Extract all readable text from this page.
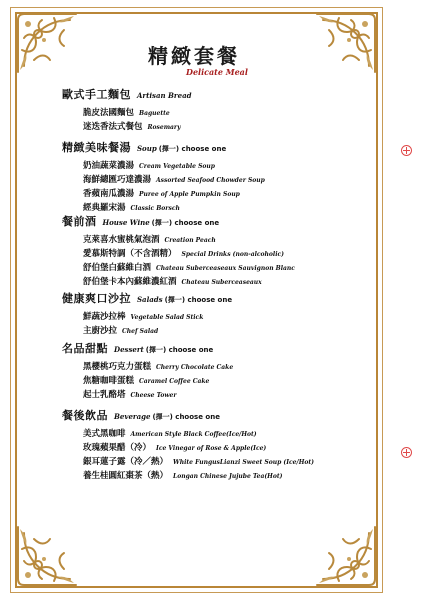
精緻套餐
Delicate Meal
歐式手工麵包 Artisan Bread
脆皮法國麵包 Baguette
迷迭香法式餐包 Rosemary
精緻美味餐湯 Soup (擇一) choose one
奶油蔬菜濃湯 Cream Vegetable Soup
海鮮總匯巧達濃湯 Assorted Seafood Chowder Soup
香蘋南瓜濃湯 Puree of Apple Pumpkin Soup
經典羅宋湯 Classic Borsch
餐前酒 House Wine (擇一) choose one
克萊喜水蜜桃氣泡酒 Creation Peach
愛慕斯特調（不含酒精） Special Drinks (non-alcoholic)
舒伯堡白蘇維白酒 Chateau Suberceaseaux Sauvignon Blanc
舒伯堡卡本內蘇維濃紅酒 Chateau Suberceaseaux
健康爽口沙拉 Salads (擇一) choose one
鮮蔬沙拉棒 Vegetable Salad Stick
主廚沙拉 Chef Salad
名品甜點 Dessert (擇一) choose one
黑櫻桃巧克力蛋糕 Cherry Chocolate Cake
焦糖咖啡蛋糕 Caramel Coffee Cake
起士乳酪塔 Cheese Tower
餐後飲品 Beverage (擇一) choose one
美式黑咖啡 American Style Black Coffee(Ice/Hot)
玫瑰蘋果醋（冷） Ice Vinegar of Rose & Apple(Ice)
銀耳蓮子露（冷／熱） White FungusLianzi Sweet Soup (Ice/Hot)
養生桂圓紅棗茶（熱） Longan Chinese Jujube Tea(Hot)
